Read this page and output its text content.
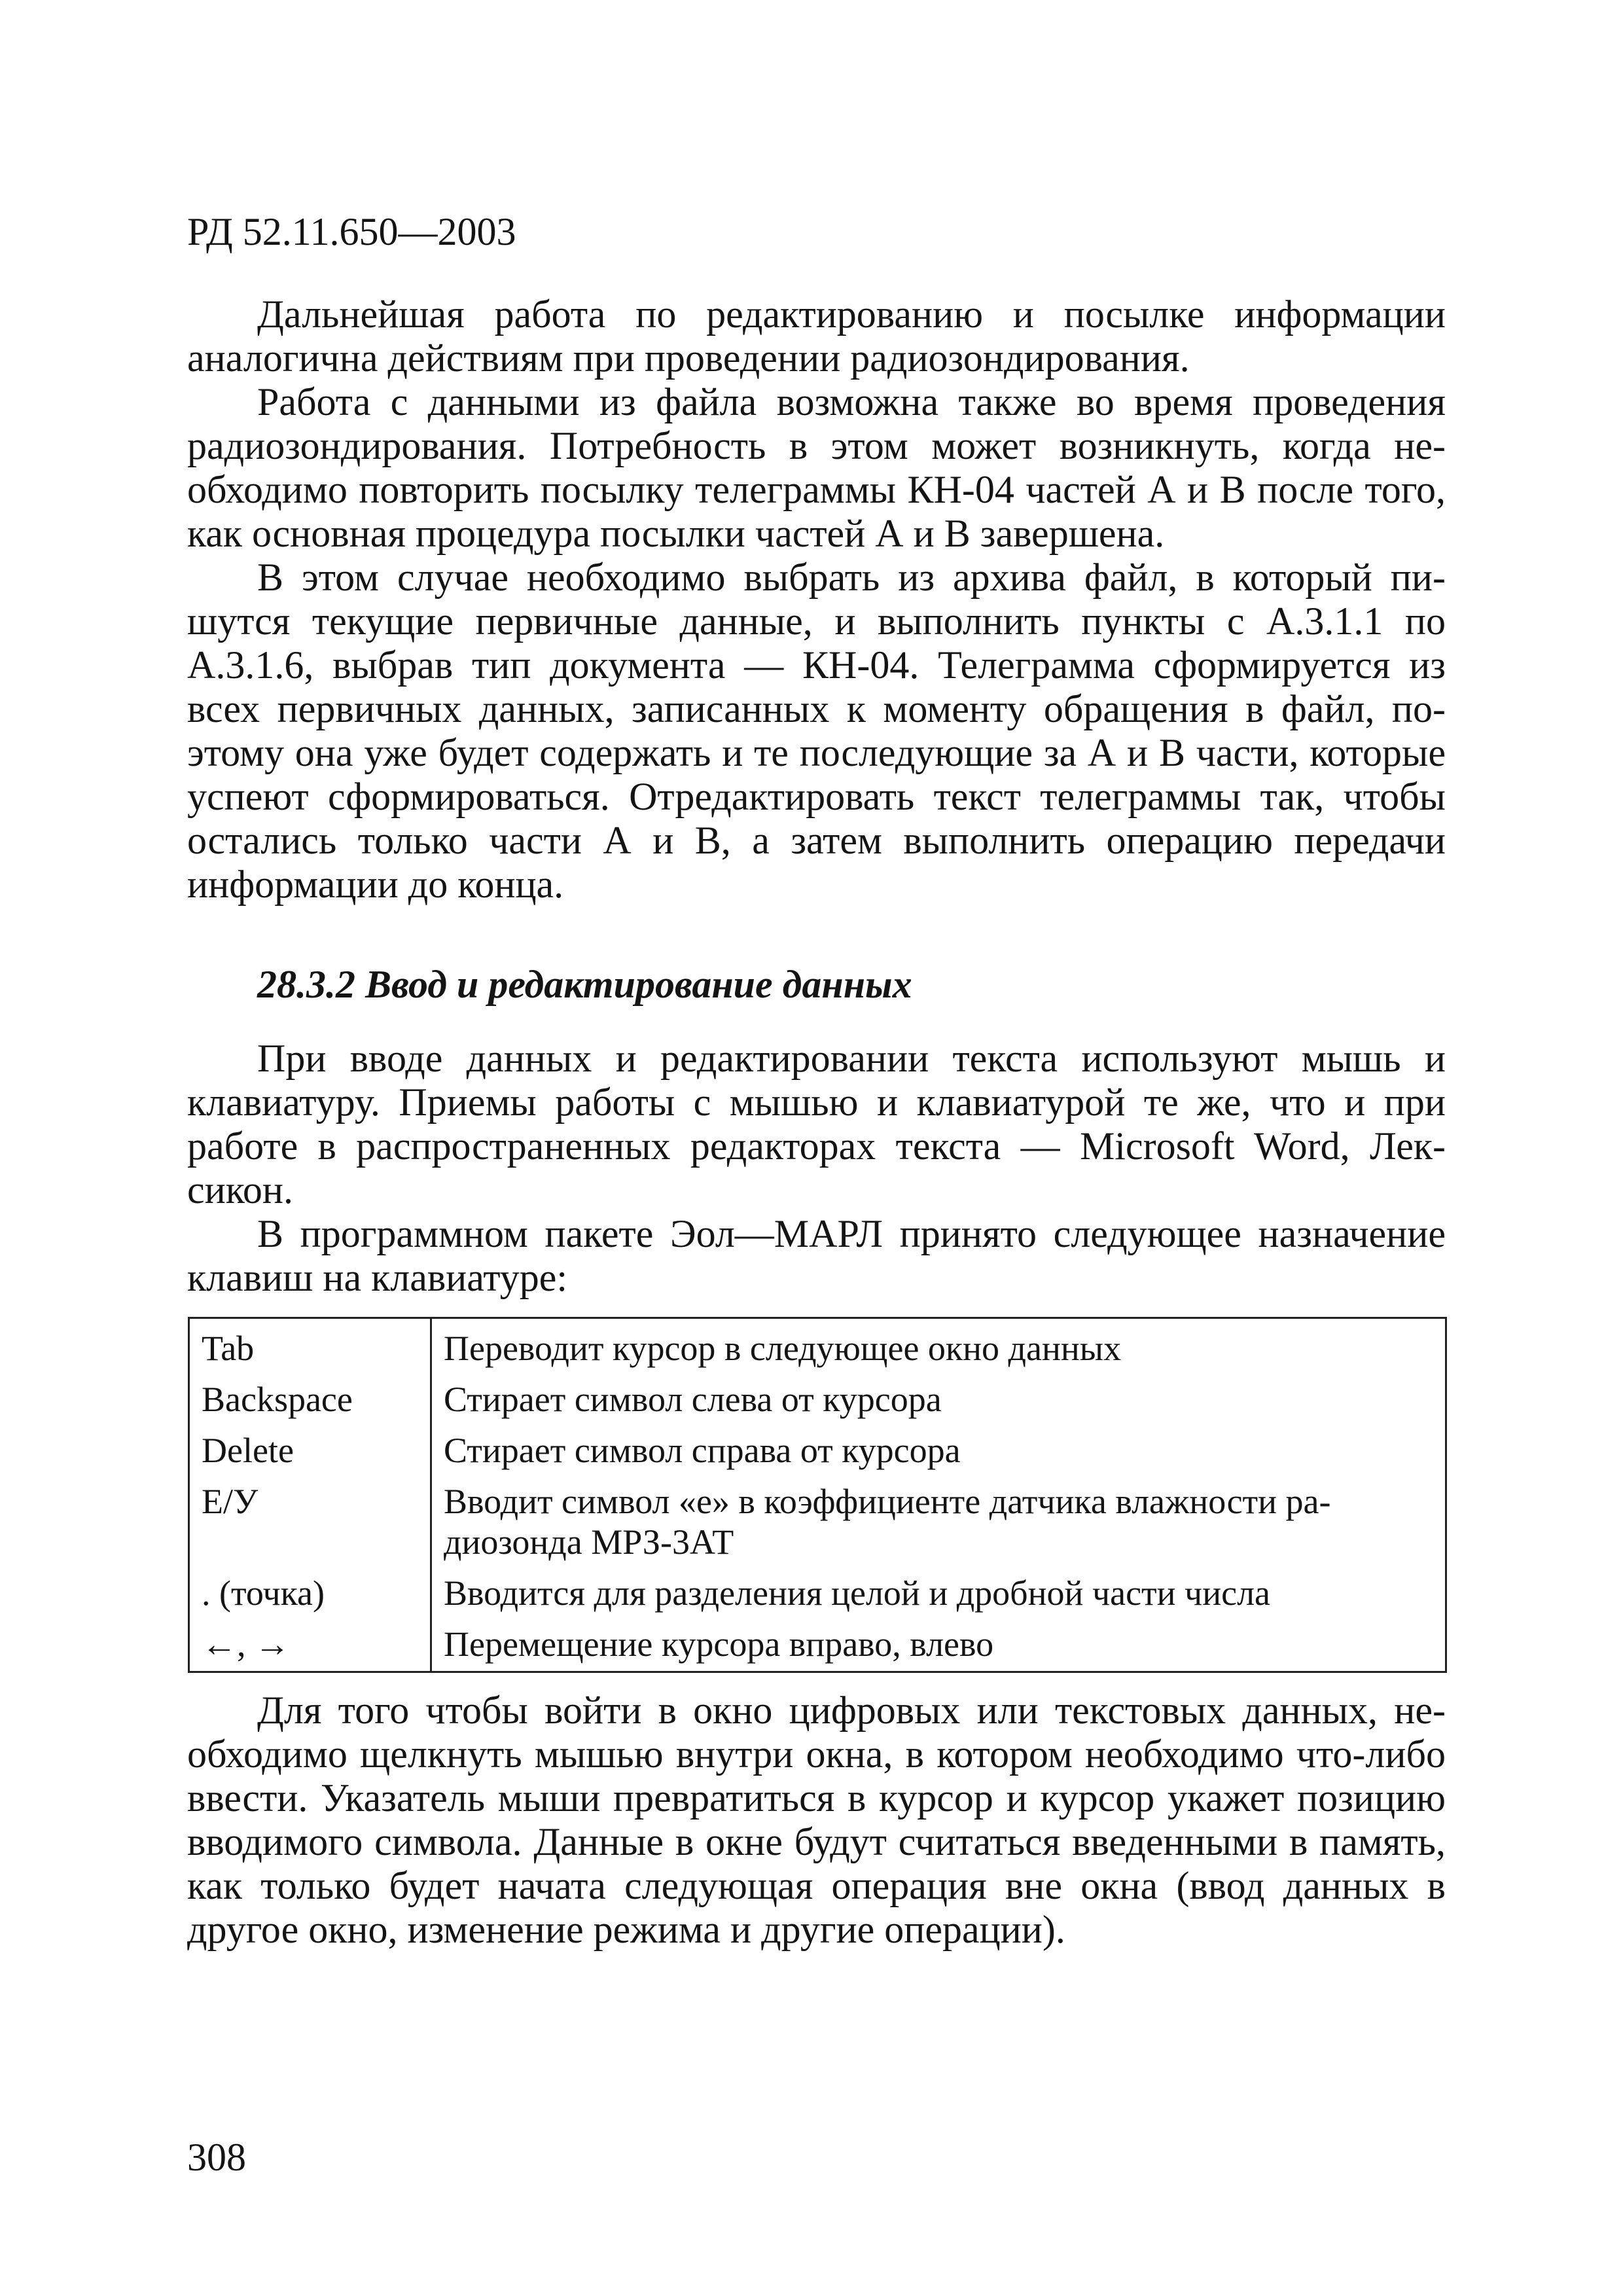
РД 52.11.650—2003

Дальнейшая работа по редактированию и посылке информации аналогична действиям при проведении радиозондирования.

Работа с данными из файла возможна также во время проведения радиозондирования. Потребность в этом может возникнуть, когда необходимо повторить посылку телеграммы КН-04 частей А и В после того, как основная процедура посылки частей А и В завершена.

В этом случае необходимо выбрать из архива файл, в который пишутся текущие первичные данные, и выполнить пункты с А.3.1.1 по А.3.1.6, выбрав тип документа — КН-04. Телеграмма сформируется из всех первичных данных, записанных к моменту обращения в файл, поэтому она уже будет содержать и те последующие за А и В части, которые успеют сформироваться. Отредактировать текст телеграммы так, чтобы остались только части А и В, а затем выполнить операцию передачи информации до конца.

28.3.2 Ввод и редактирование данных

При вводе данных и редактировании текста используют мышь и клавиатуру. Приемы работы с мышью и клавиатурой те же, что и при работе в распространенных редакторах текста — Microsoft Word, Лексикон.

В программном пакете Эол—МАРЛ принято следующее назначение клавиш на клавиатуре:

Tab	Переводит курсор в следующее окно данных
Backspace	Стирает символ слева от курсора
Delete	Стирает символ справа от курсора
Е/У	Вводит символ «е» в коэффициенте датчика влажности радиозонда МРЗ-3АТ
. (точка)	Вводится для разделения целой и дробной части числа
←, →	Перемещение курсора вправо, влево

Для того чтобы войти в окно цифровых или текстовых данных, необходимо щелкнуть мышью внутри окна, в котором необходимо что-либо ввести. Указатель мыши превратиться в курсор и курсор укажет позицию вводимого символа. Данные в окне будут считаться введенными в память, как только будет начата следующая операция вне окна (ввод данных в другое окно, изменение режима и другие операции).

308
